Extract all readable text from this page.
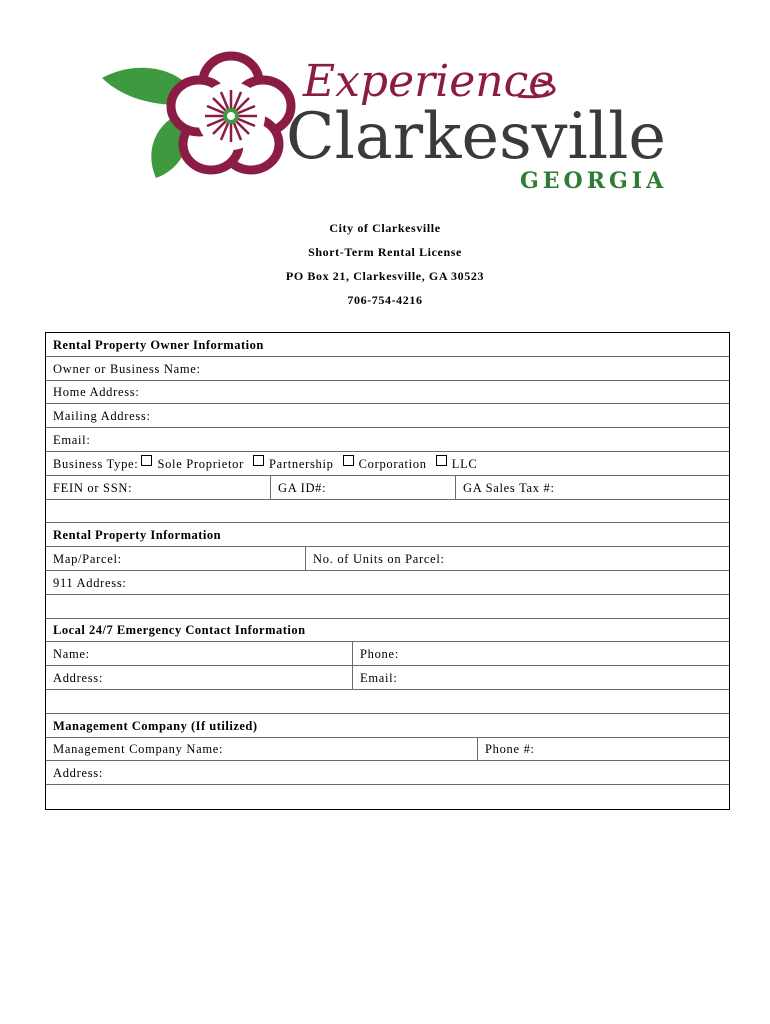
Experience
Clarkesville
GEORGIA
City of Clarkesville
Short-Term Rental License
PO Box 21, Clarkesville, GA 30523
706-754-4216
Rental Property Owner Information
Owner or Business Name:
Home Address:
Mailing Address:
Email:
Business Type: Sole Proprietor Partnership Corporation LLC
FEIN or SSN:	GA ID#:	GA Sales Tax #:
Rental Property Information
Map/Parcel:	No. of Units on Parcel:
911 Address:
Local 24/7 Emergency Contact Information
Name:	Phone:
Address:	Email:
Management Company (If utilized)
Management Company Name:	Phone #:
Address:
